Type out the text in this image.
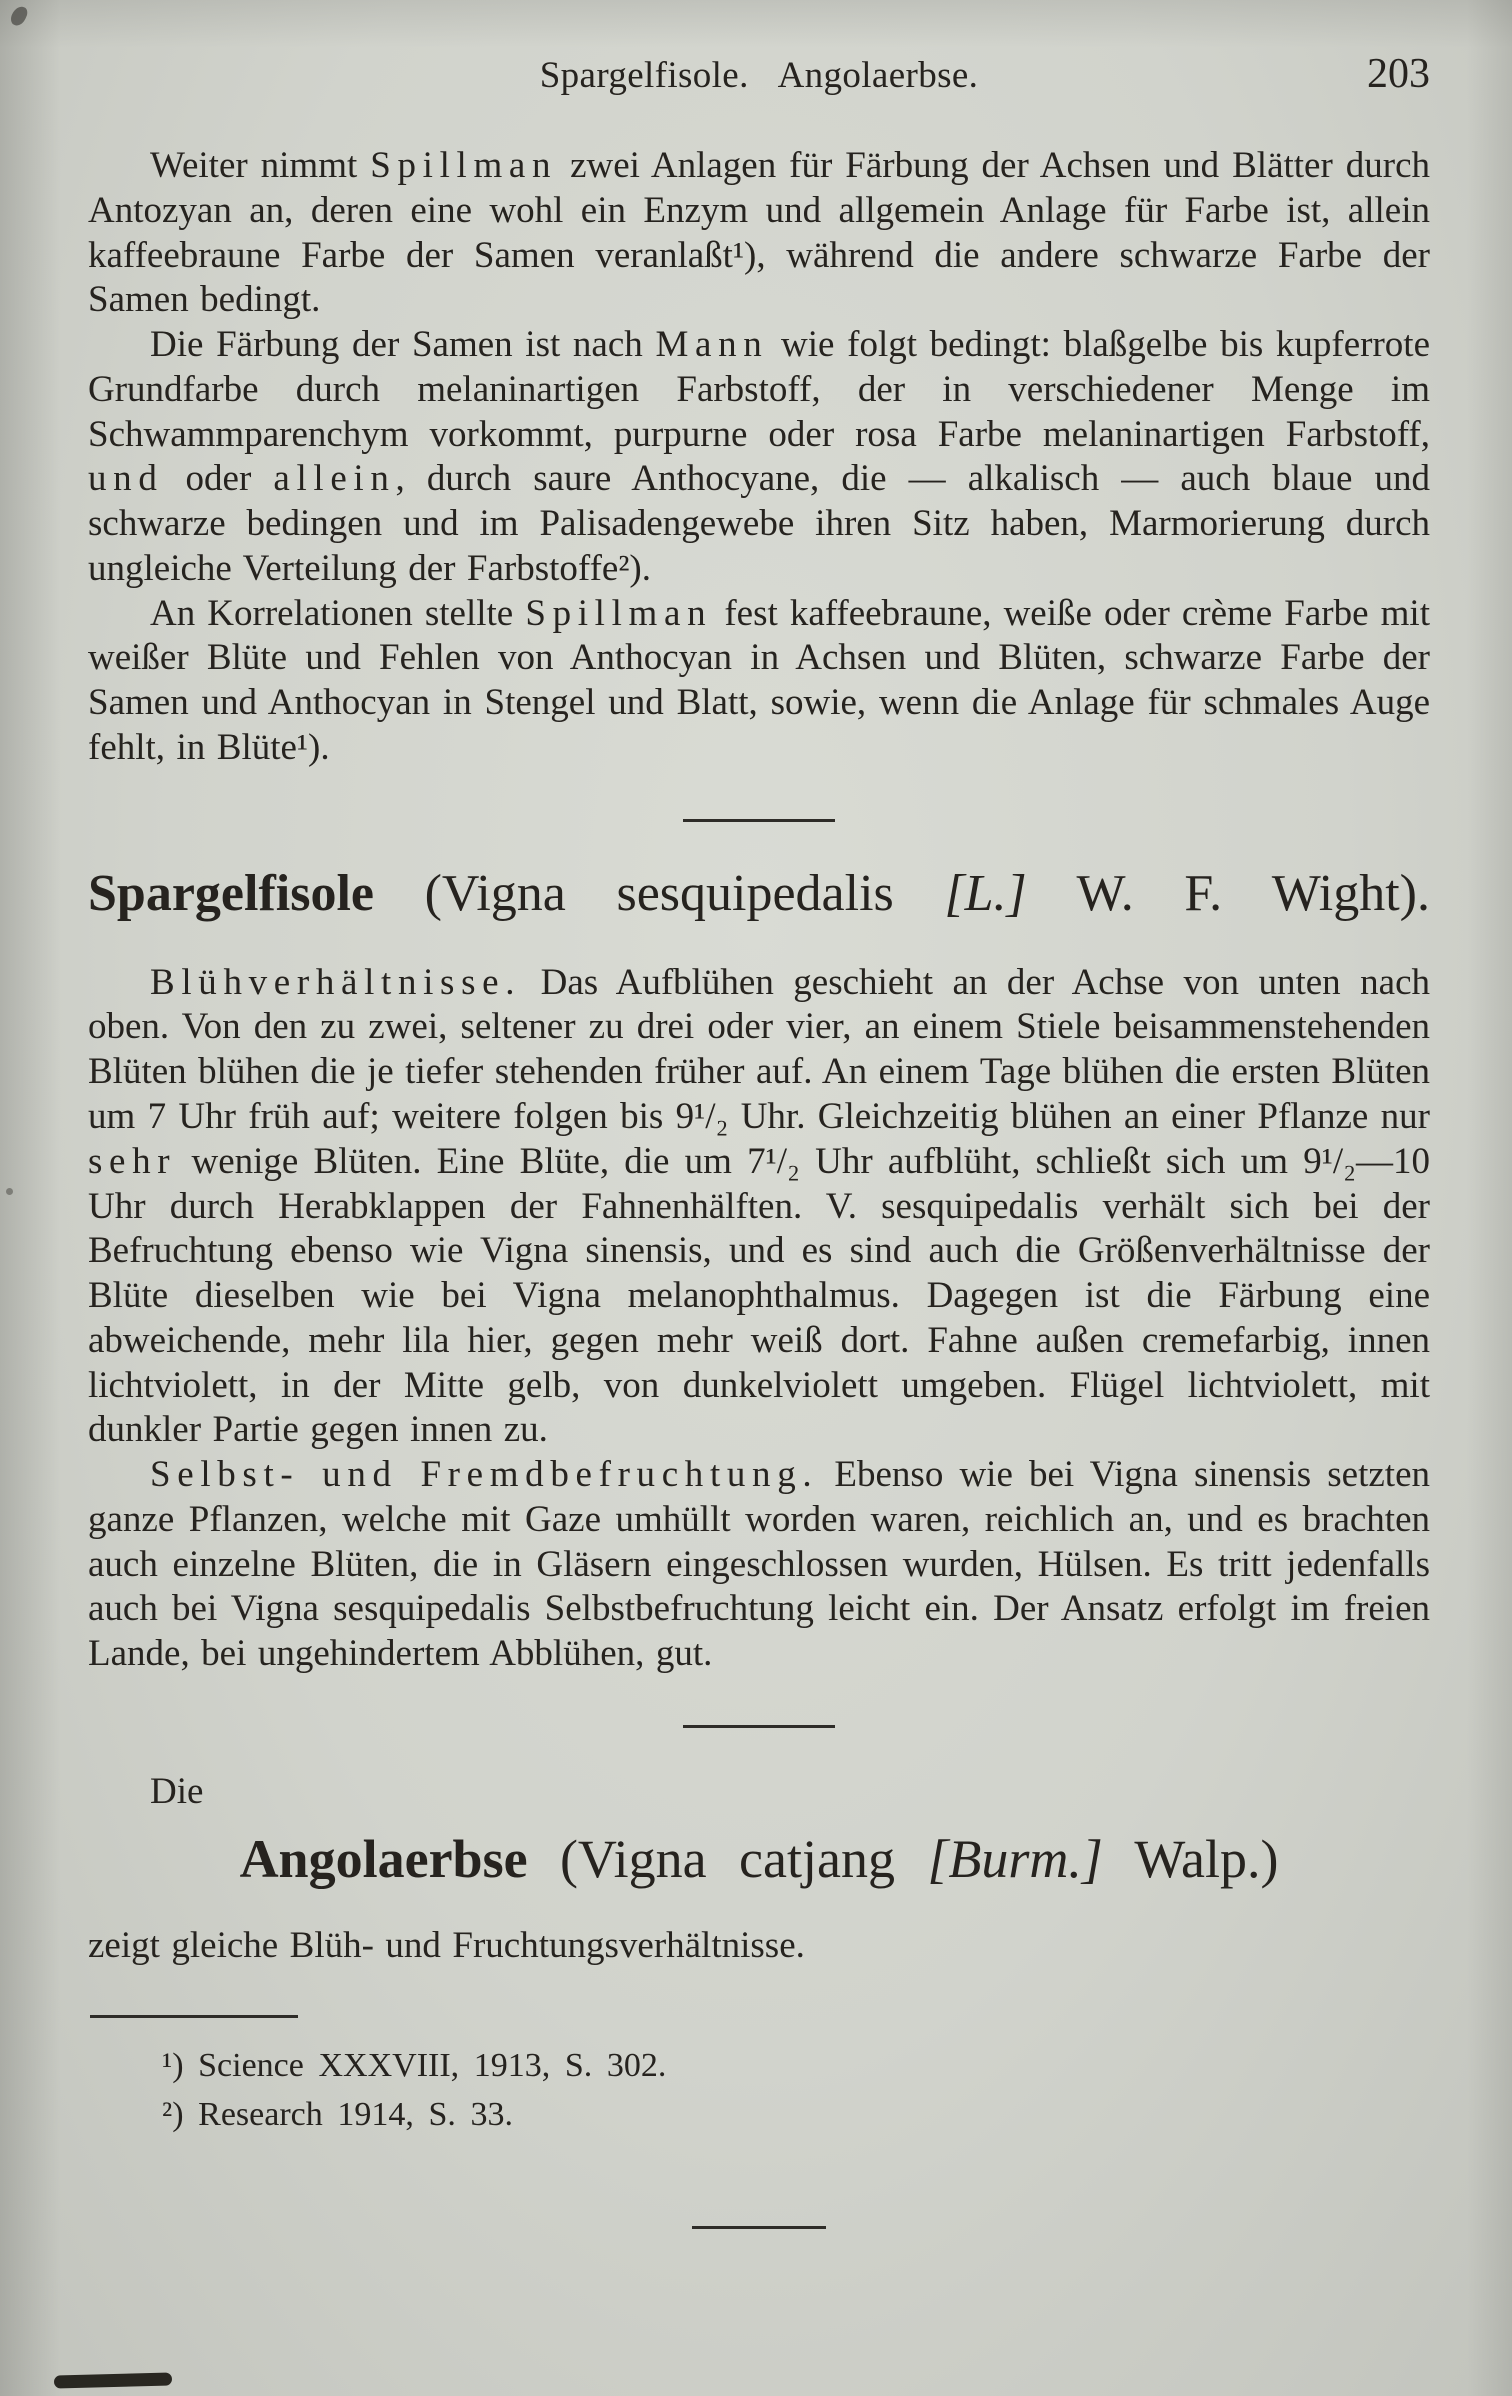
Spargelfisole.   Angolaerbse.	203

Weiter nimmt Spillman zwei Anlagen für Färbung der Achsen und Blätter durch Antozyan an, deren eine wohl ein Enzym und allgemein Anlage für Farbe ist, allein kaffeebraune Farbe der Samen veranlaßt¹), während die andere schwarze Farbe der Samen bedingt.

Die Färbung der Samen ist nach Mann wie folgt bedingt: blaßgelbe bis kupferrote Grundfarbe durch melaninartigen Farbstoff, der in verschiedener Menge im Schwammparenchym vorkommt, purpurne oder rosa Farbe melaninartigen Farbstoff, und oder allein, durch saure Anthocyane, die — alkalisch — auch blaue und schwarze bedingen und im Palisadengewebe ihren Sitz haben, Marmorierung durch ungleiche Verteilung der Farbstoffe²).

An Korrelationen stellte Spillman fest kaffeebraune, weiße oder crème Farbe mit weißer Blüte und Fehlen von Anthocyan in Achsen und Blüten, schwarze Farbe der Samen und Anthocyan in Stengel und Blatt, sowie, wenn die Anlage für schmales Auge fehlt, in Blüte¹).

Spargelfisole (Vigna sesquipedalis [L.] W. F. Wight).

Blühverhältnisse. Das Aufblühen geschieht an der Achse von unten nach oben. Von den zu zwei, seltener zu drei oder vier, an einem Stiele beisammenstehenden Blüten blühen die je tiefer stehenden früher auf. An einem Tage blühen die ersten Blüten um 7 Uhr früh auf; weitere folgen bis 9¹/₂ Uhr. Gleichzeitig blühen an einer Pflanze nur sehr wenige Blüten. Eine Blüte, die um 7¹/₂ Uhr aufblüht, schließt sich um 9¹/₂—10 Uhr durch Herabklappen der Fahnenhälften. V. sesquipedalis verhält sich bei der Befruchtung ebenso wie Vigna sinensis, und es sind auch die Größenverhältnisse der Blüte dieselben wie bei Vigna melanophthalmus. Dagegen ist die Färbung eine abweichende, mehr lila hier, gegen mehr weiß dort. Fahne außen cremefarbig, innen lichtviolett, in der Mitte gelb, von dunkelviolett umgeben. Flügel lichtviolett, mit dunkler Partie gegen innen zu.

Selbst- und Fremdbefruchtung. Ebenso wie bei Vigna sinensis setzten ganze Pflanzen, welche mit Gaze umhüllt worden waren, reichlich an, und es brachten auch einzelne Blüten, die in Gläsern eingeschlossen wurden, Hülsen. Es tritt jedenfalls auch bei Vigna sesquipedalis Selbstbefruchtung leicht ein. Der Ansatz erfolgt im freien Lande, bei ungehindertem Abblühen, gut.

Die

Angolaerbse (Vigna catjang [Burm.] Walp.)

zeigt gleiche Blüh- und Fruchtungsverhältnisse.

¹) Science XXXVIII, 1913, S. 302.

²) Research 1914, S. 33.
